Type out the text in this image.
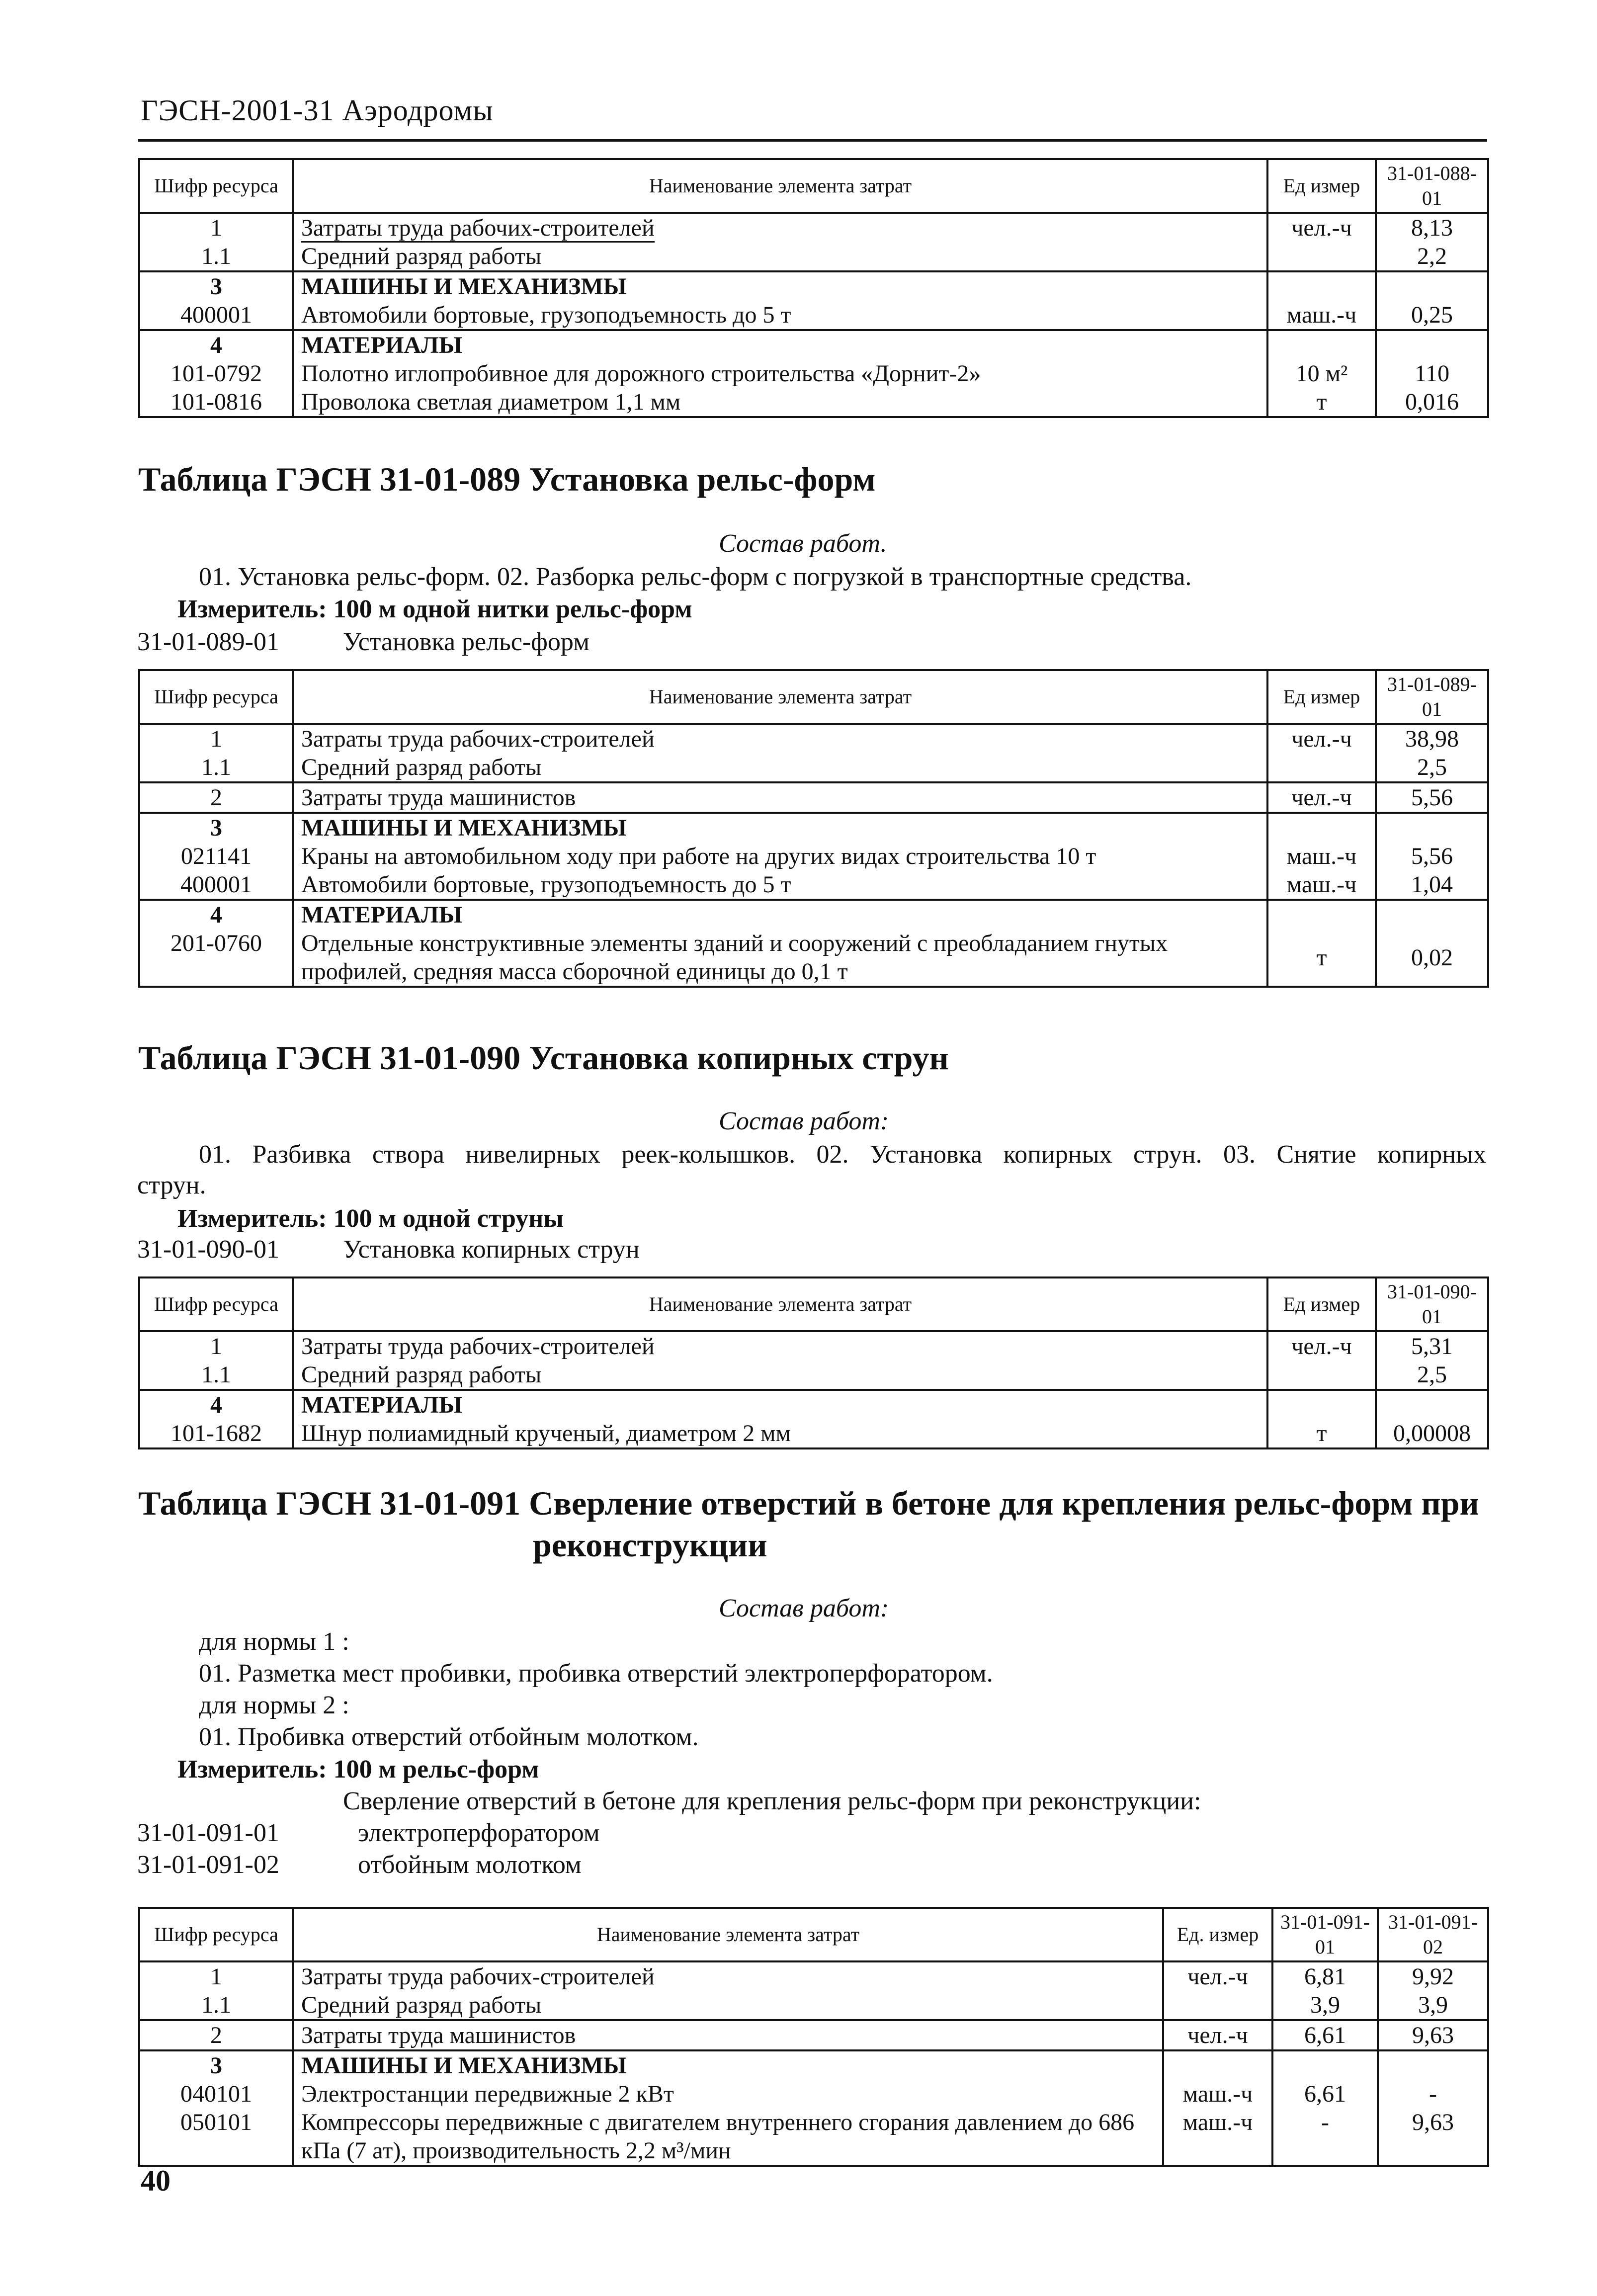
ГЭСН-2001-31 Аэродромы
Шифр ресурса	Наименование элемента затрат	Ед измер	31-01-088-01
1	Затраты труда рабочих-строителей	чел.-ч	8,13
1.1	Средний разряд работы		2,2
3	МАШИНЫ И МЕХАНИЗМЫ		
400001	Автомобили бортовые, грузоподъемность до 5 т	маш.-ч	0,25
4	МАТЕРИАЛЫ		
101-0792	Полотно иглопробивное для дорожного строительства «Дорнит-2»	10 м²	110
101-0816	Проволока светлая диаметром 1,1 мм	т	0,016
Таблица ГЭСН 31-01-089 Установка рельс-форм
Состав работ.
01. Установка рельс-форм. 02. Разборка рельс-форм с погрузкой в транспортные средства.
Измеритель: 100 м одной нитки рельс-форм
31-01-089-01 Установка рельс-форм
Шифр ресурса	Наименование элемента затрат	Ед измер	31-01-089-01
1	Затраты труда рабочих-строителей	чел.-ч	38,98
1.1	Средний разряд работы		2,5
2	Затраты труда машинистов	чел.-ч	5,56
3	МАШИНЫ И МЕХАНИЗМЫ		
021141	Краны на автомобильном ходу при работе на других видах строительства 10 т	маш.-ч	5,56
400001	Автомобили бортовые, грузоподъемность до 5 т	маш.-ч	1,04
4	МАТЕРИАЛЫ		
201-0760	Отдельные конструктивные элементы зданий и сооружений с преобладанием гнутых профилей, средняя масса сборочной единицы до 0,1 т	т	0,02
Таблица ГЭСН 31-01-090 Установка копирных струн
Состав работ:
01. Разбивка створа нивелирных реек-колышков. 02. Установка копирных струн. 03. Снятие копирных
струн.
Измеритель: 100 м одной струны
31-01-090-01 Установка копирных струн
Шифр ресурса	Наименование элемента затрат	Ед измер	31-01-090-01
1	Затраты труда рабочих-строителей	чел.-ч	5,31
1.1	Средний разряд работы		2,5
4	МАТЕРИАЛЫ		
101-1682	Шнур полиамидный крученый, диаметром 2 мм	т	0,00008
Таблица ГЭСН 31-01-091 Сверление отверстий в бетоне для крепления рельс-форм при
реконструкции
Состав работ:
для нормы 1 :
01. Разметка мест пробивки, пробивка отверстий электроперфоратором.
для нормы 2 :
01. Пробивка отверстий отбойным молотком.
Измеритель: 100 м рельс-форм
Сверление отверстий в бетоне для крепления рельс-форм при реконструкции:
31-01-091-01	электроперфоратором
31-01-091-02	отбойным молотком
Шифр ресурса	Наименование элемента затрат	Ед. измер	31-01-091-01	31-01-091-02
1	Затраты труда рабочих-строителей	чел.-ч	6,81	9,92
1.1	Средний разряд работы		3,9	3,9
2	Затраты труда машинистов	чел.-ч	6,61	9,63
3	МАШИНЫ И МЕХАНИЗМЫ			
040101	Электростанции передвижные 2 кВт	маш.-ч	6,61	-
050101	Компрессоры передвижные с двигателем внутреннего сгорания давлением до 686 кПа (7 ат), производительность 2,2 м³/мин	маш.-ч	-	9,63
40
